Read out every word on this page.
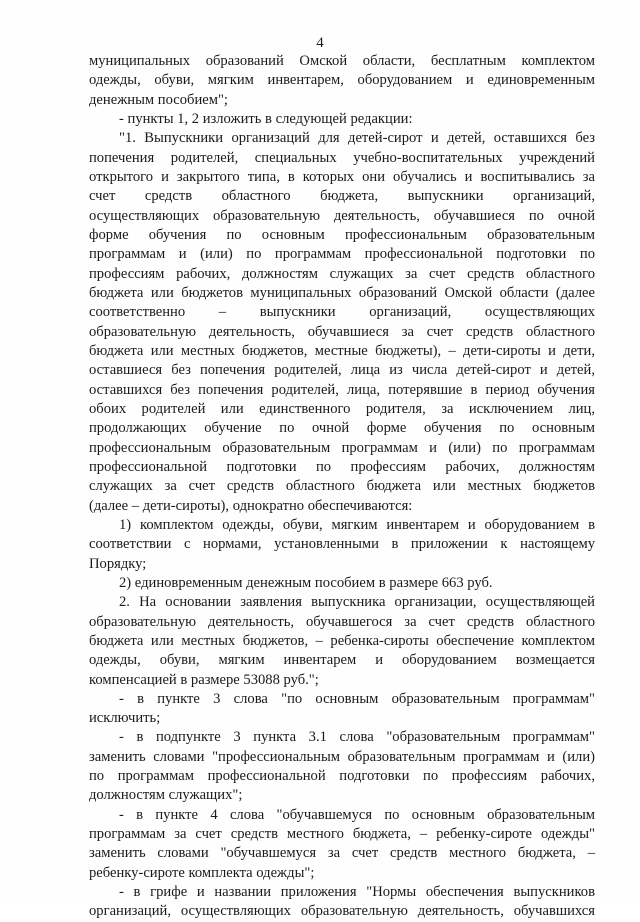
4
муниципальных образований Омской области, бесплатным комплектом
одежды, обуви, мягким инвентарем, оборудованием и единовременным
денежным пособием";
- пункты 1, 2 изложить в следующей редакции:
"1. Выпускники организаций для детей-сирот и детей, оставшихся без
попечения родителей, специальных учебно-воспитательных учреждений
открытого и закрытого типа, в которых они обучались и воспитывались за
счет средств областного бюджета, выпускники организаций,
осуществляющих образовательную деятельность, обучавшиеся по очной
форме обучения по основным профессиональным образовательным
программам и (или) по программам профессиональной подготовки по
профессиям рабочих, должностям служащих за счет средств областного
бюджета или бюджетов муниципальных образований Омской области (далее
соответственно – выпускники организаций, осуществляющих
образовательную деятельность, обучавшиеся за счет средств областного
бюджета или местных бюджетов, местные бюджеты), – дети-сироты и дети,
оставшиеся без попечения родителей, лица из числа детей-сирот и детей,
оставшихся без попечения родителей, лица, потерявшие в период обучения
обоих родителей или единственного родителя, за исключением лиц,
продолжающих обучение по очной форме обучения по основным
профессиональным образовательным программам и (или) по программам
профессиональной подготовки по профессиям рабочих, должностям
служащих за счет средств областного бюджета или местных бюджетов
(далее – дети-сироты), однократно обеспечиваются:
1) комплектом одежды, обуви, мягким инвентарем и оборудованием в
соответствии с нормами, установленными в приложении к настоящему
Порядку;
2) единовременным денежным пособием в размере 663 руб.
2. На основании заявления выпускника организации, осуществляющей
образовательную деятельность, обучавшегося за счет средств областного
бюджета или местных бюджетов, – ребенка-сироты обеспечение комплектом
одежды, обуви, мягким инвентарем и оборудованием возмещается
компенсацией в размере 53088 руб.";
- в пункте 3 слова "по основным образовательным программам"
исключить;
- в подпункте 3 пункта 3.1 слова "образовательным программам"
заменить словами "профессиональным образовательным программам и (или)
по программам профессиональной подготовки по профессиям рабочих,
должностям служащих";
- в пункте 4 слова "обучавшемуся по основным образовательным
программам за счет средств местного бюджета, – ребенку-сироте одежды"
заменить словами "обучавшемуся за счет средств местного бюджета, –
ребенку-сироте комплекта одежды";
- в грифе и названии приложения "Нормы обеспечения выпускников
организаций, осуществляющих образовательную деятельность, обучавшихся
